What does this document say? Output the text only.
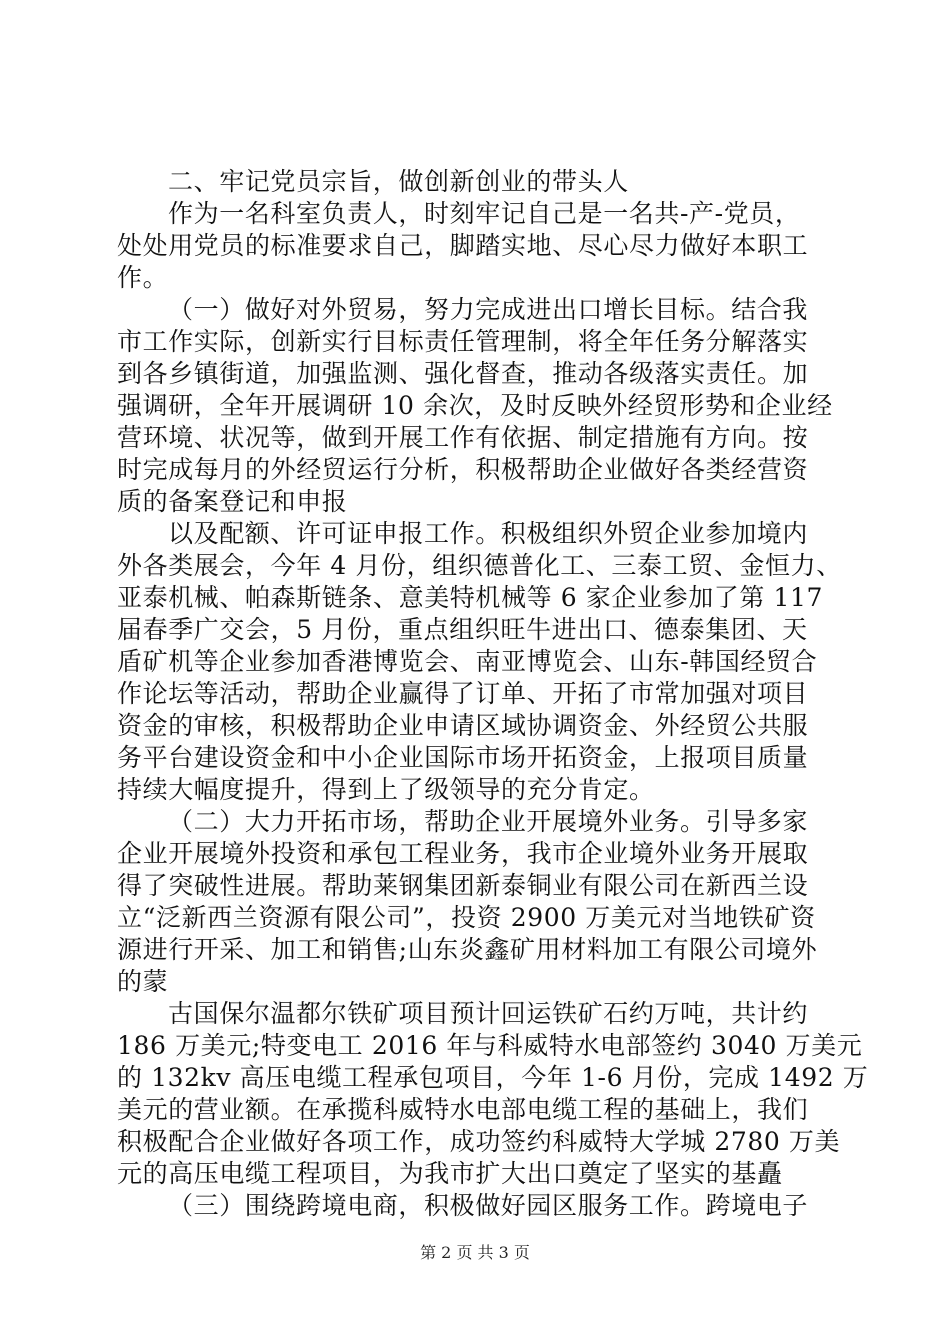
二、牢记党员宗旨，做创新创业的带头人

作为一名科室负责人，时刻牢记自己是一名共-产-党员，

处处用党员的标准要求自己，脚踏实地、尽心尽力做好本职工

作。

（一）做好对外贸易，努力完成进出口增长目标。结合我

市工作实际，创新实行目标责任管理制，将全年任务分解落实

到各乡镇街道，加强监测、强化督查，推动各级落实责任。加

强调研，全年开展调研 10 余次，及时反映外经贸形势和企业经

营环境、状况等，做到开展工作有依据、制定措施有方向。按

时完成每月的外经贸运行分析，积极帮助企业做好各类经营资

质的备案登记和申报

以及配额、许可证申报工作。积极组织外贸企业参加境内

外各类展会，今年 4 月份，组织德普化工、三泰工贸、金恒力、

亚泰机械、帕森斯链条、意美特机械等 6 家企业参加了第 117

届春季广交会，5 月份，重点组织旺牛进出口、德泰集团、天

盾矿机等企业参加香港博览会、南亚博览会、山东-韩国经贸合

作论坛等活动，帮助企业赢得了订单、开拓了市常加强对项目

资金的审核，积极帮助企业申请区域协调资金、外经贸公共服

务平台建设资金和中小企业国际市场开拓资金，上报项目质量

持续大幅度提升，得到上了级领导的充分肯定。

（二）大力开拓市场，帮助企业开展境外业务。引导多家

企业开展境外投资和承包工程业务，我市企业境外业务开展取

得了突破性进展。帮助莱钢集团新泰铜业有限公司在新西兰设

立“泛新西兰资源有限公司”，投资 2900 万美元对当地铁矿资

源进行开采、加工和销售;山东炎鑫矿用材料加工有限公司境外

的蒙

古国保尔温都尔铁矿项目预计回运铁矿石约万吨，共计约

186 万美元;特变电工 2016 年与科威特水电部签约 3040 万美元

的 132kv 高压电缆工程承包项目，今年 1-6 月份，完成 1492 万

美元的营业额。在承揽科威特水电部电缆工程的基础上，我们

积极配合企业做好各项工作，成功签约科威特大学城 2780 万美

元的高压电缆工程项目，为我市扩大出口奠定了坚实的基矗

（三）围绕跨境电商，积极做好园区服务工作。跨境电子

第 2 页 共 3 页
